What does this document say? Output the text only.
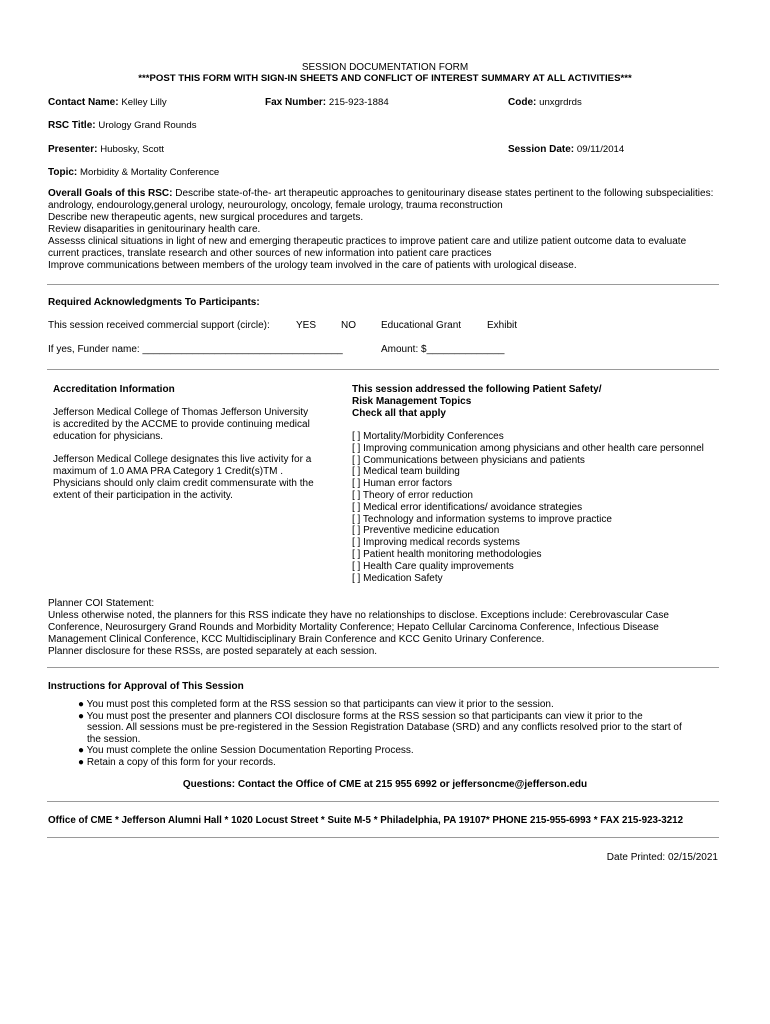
SESSION DOCUMENTATION FORM
***POST THIS FORM WITH SIGN-IN SHEETS AND CONFLICT OF INTEREST SUMMARY AT ALL ACTIVITIES***
Contact Name: Kelley Lilly	Fax Number: 215-923-1884	Code: unxgrdrds
RSC Title: Urology Grand Rounds
Presenter: Hubosky, Scott	Session Date: 09/11/2014
Topic: Morbidity & Mortality Conference
Overall Goals of this RSC: Describe state-of-the- art therapeutic approaches to genitourinary disease states pertinent to the following subspecialities:
andrology, endourology,general urology, neurourology, oncology, female urology, trauma reconstruction
Describe new therapeutic agents, new surgical procedures and targets.
Review disaparities in genitourinary health care.
Assesss clinical situations in light of new and emerging therapeutic practices to improve patient care and utilize patient outcome data to evaluate
current practices, translate research and other sources of new information into patient care practices
Improve communications between members of the urology team involved in the care of patients with urological disease.
Required Acknowledgments To Participants:
This session received commercial support (circle):	YES NO	Educational Grant	Exhibit
If yes, Funder name: ____________________________________	Amount: $______________
Accreditation Information
Jefferson Medical College of Thomas Jefferson University
is accredited by the ACCME to provide continuing medical
education for physicians.
Jefferson Medical College designates this live activity for a
maximum of 1.0 AMA PRA Category 1 Credit(s)TM .
Physicians should only claim credit commensurate with the
extent of their participation in the activity.
This session addressed the following Patient Safety/
Risk Management Topics
Check all that apply
[ ] Mortality/Morbidity Conferences
[ ] Improving communication among physicians and other health care personnel
[ ] Communications between physicians and patients
[ ] Medical team building
[ ] Human error factors
[ ] Theory of error reduction
[ ] Medical error identifications/ avoidance strategies
[ ] Technology and information systems to improve practice
[ ] Preventive medicine education
[ ] Improving medical records systems
[ ] Patient health monitoring methodologies
[ ] Health Care quality improvements
[ ] Medication Safety
Planner COI Statement:
Unless otherwise noted, the planners for this RSS indicate they have no relationships to disclose. Exceptions include: Cerebrovascular Case
Conference, Neurosurgery Grand Rounds and Morbidity Mortality Conference; Hepato Cellular Carcinoma Conference, Infectious Disease
Management Clinical Conference, KCC Multidisciplinary Brain Conference and KCC Genito Urinary Conference.
Planner disclosure for these RSSs, are posted separately at each session.
Instructions for Approval of This Session
● You must post this completed form at the RSS session so that participants can view it prior to the session.
● You must post the presenter and planners COI disclosure forms at the RSS session so that participants can view it prior to the
session. All sessions must be pre-registered in the Session Registration Database (SRD) and any conflicts resolved prior to the start of
the session.
● You must complete the online Session Documentation Reporting Process.
● Retain a copy of this form for your records.
Questions: Contact the Office of CME at 215 955 6992 or jeffersoncme@jefferson.edu
Office of CME * Jefferson Alumni Hall * 1020 Locust Street * Suite M-5 * Philadelphia, PA 19107* PHONE 215-955-6993 * FAX 215-923-3212
Date Printed: 02/15/2021
